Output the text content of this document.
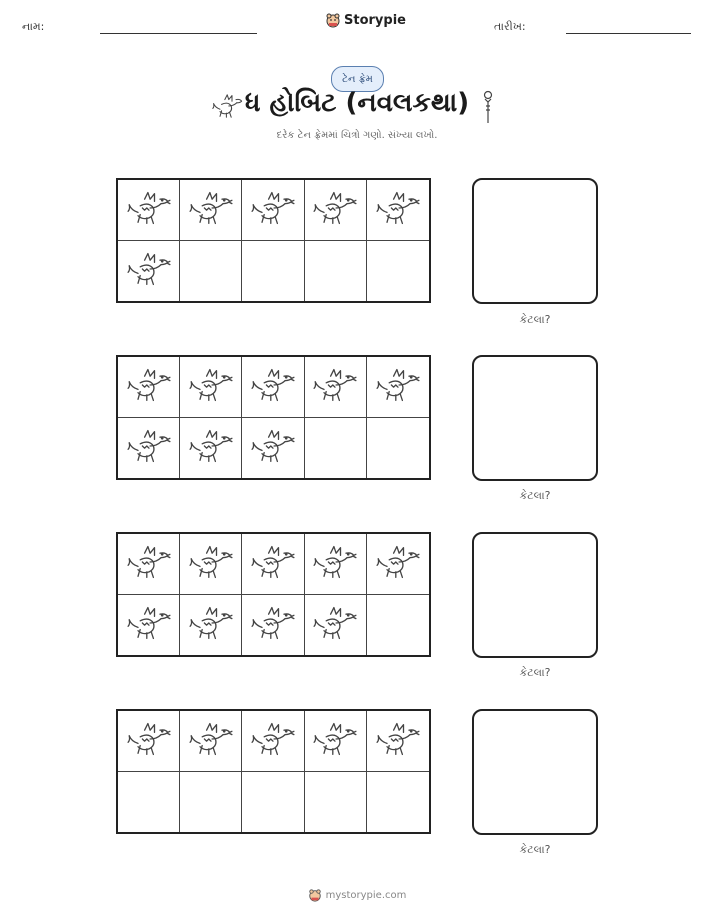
નામ:	Storypie	તારીખ:
ટેન ફ્રેમ
ધ હોબિટ (નવલકથા)
દરેક ટેન ફ્રેમમાં ચિત્રો ગણો. સંખ્યા લખો.
કેટલા?
કેટલા?
કેટલા?
કેટલા?
mystorypie.com
